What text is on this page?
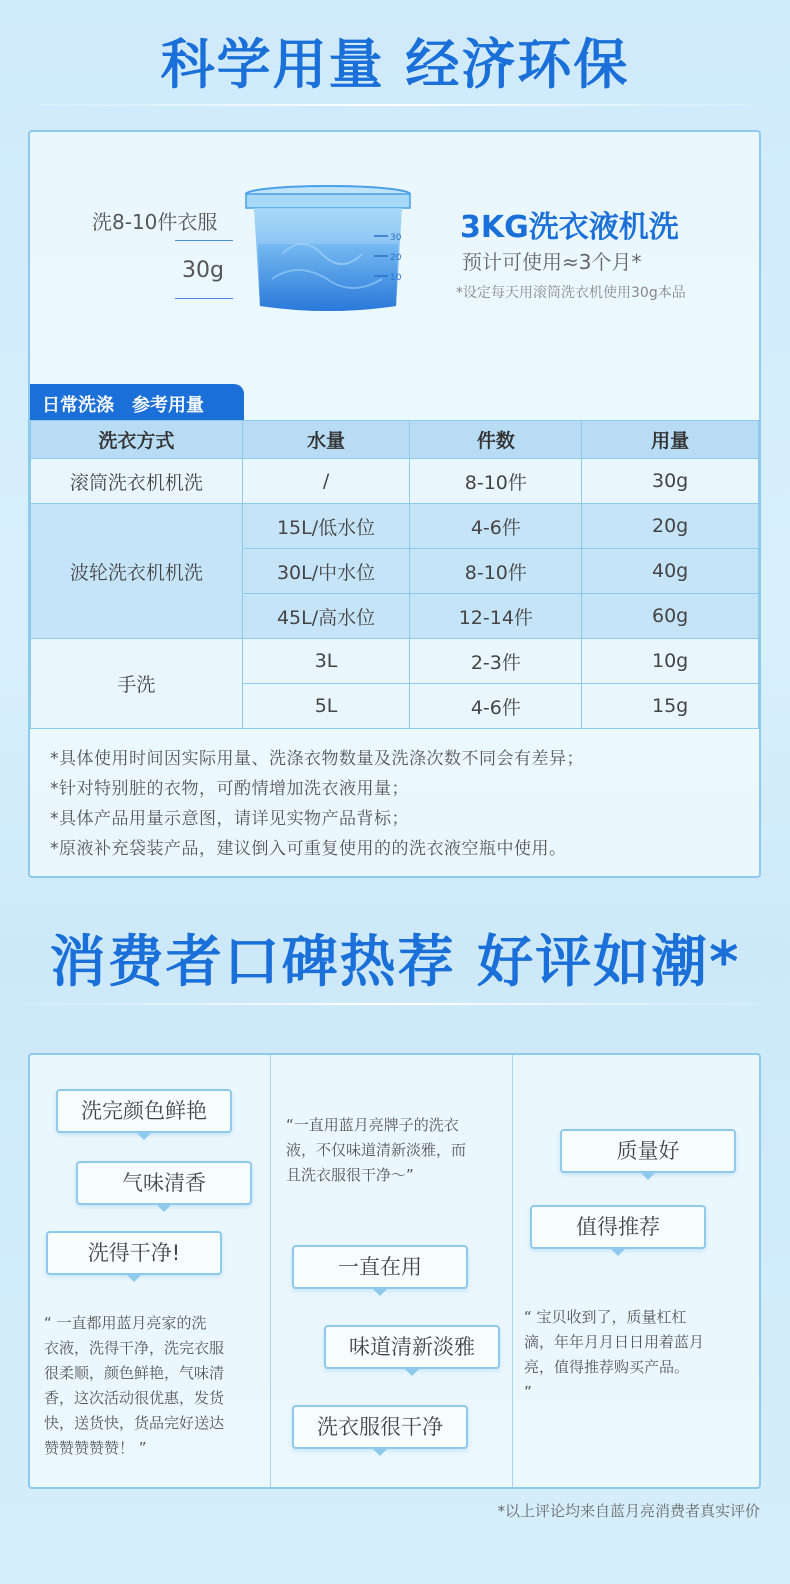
科学用量 经济环保
洗8-10件衣服
30g
30
20
10
3KG洗衣液机洗
预计可使用≈3个月*
*设定每天用滚筒洗衣机使用30g本品
日常洗涤　参考用量
洗衣方式	水量	件数	用量
滚筒洗衣机机洗	/	8-10件	30g
波轮洗衣机机洗	15L/低水位	4-6件	20g
	30L/中水位	8-10件	40g
	45L/高水位	12-14件	60g
手洗	3L	2-3件	10g
	5L	4-6件	15g
*具体使用时间因实际用量、洗涤衣物数量及洗涤次数不同会有差异；
*针对特别脏的衣物，可酌情增加洗衣液用量；
*具体产品用量示意图，请详见实物产品背标；
*原液补充袋装产品，建议倒入可重复使用的的洗衣液空瓶中使用。
消费者口碑热荐 好评如潮*
洗完颜色鲜艳
气味清香
洗得干净!
“ 一直都用蓝月亮家的洗
衣液，洗得干净，洗完衣服
很柔顺，颜色鲜艳，气味清
香，这次活动很优惠，发货
快，送货快，货品完好送达
赞赞赞赞赞！ ”
“一直用蓝月亮牌子的洗衣
液，不仅味道清新淡雅，而
且洗衣服很干净～”
一直在用
味道清新淡雅
洗衣服很干净
质量好
值得推荐
“ 宝贝收到了，质量杠杠
滴，年年月月日日用着蓝月
亮，值得推荐购买产品。
”
*以上评论均来自蓝月亮消费者真实评价
